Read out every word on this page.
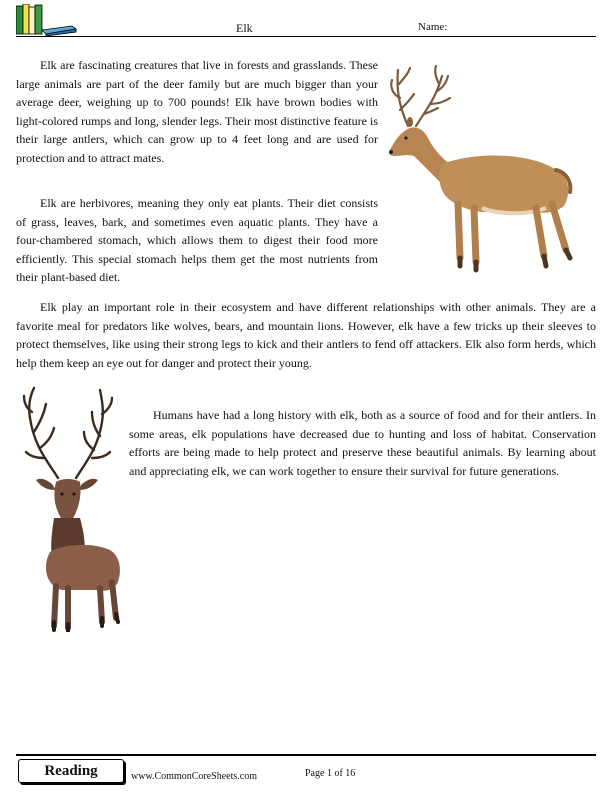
Elk	Name:

Elk are fascinating creatures that live in forests and grasslands. These large animals are part of the deer family but are much bigger than your average deer, weighing up to 700 pounds! Elk have brown bodies with light-colored rumps and long, slender legs. Their most distinctive feature is their large antlers, which can grow up to 4 feet long and are used for protection and to attract mates.

Elk are herbivores, meaning they only eat plants. Their diet consists of grass, leaves, bark, and sometimes even aquatic plants. They have a four-chambered stomach, which allows them to digest their food more efficiently. This special stomach helps them get the most nutrients from their plant-based diet.

Elk play an important role in their ecosystem and have different relationships with other animals. They are a favorite meal for predators like wolves, bears, and mountain lions. However, elk have a few tricks up their sleeves to protect themselves, like using their strong legs to kick and their antlers to fend off attackers. Elk also form herds, which help them keep an eye out for danger and protect their young.

Humans have had a long history with elk, both as a source of food and for their antlers. In some areas, elk populations have decreased due to hunting and loss of habitat. Conservation efforts are being made to help protect and preserve these beautiful animals. By learning about and appreciating elk, we can work together to ensure their survival for future generations.

Reading	www.CommonCoreSheets.com	Page 1 of 16
